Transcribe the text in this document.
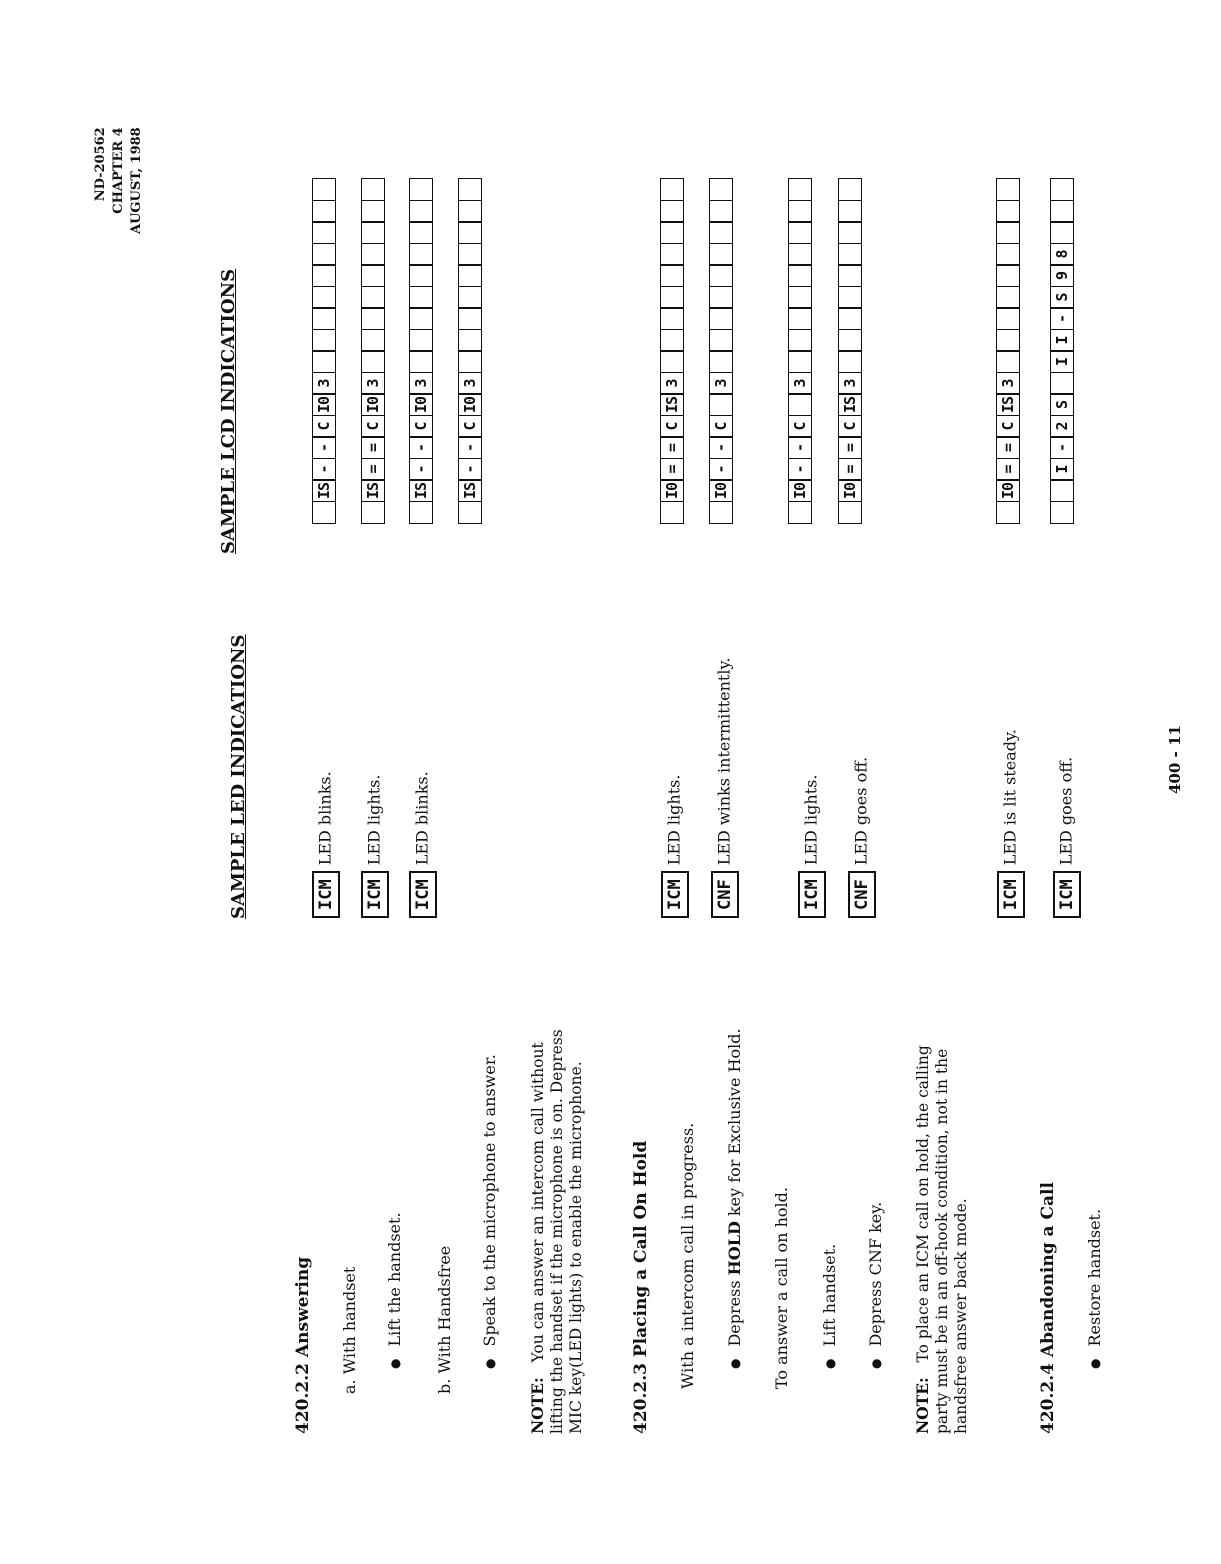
ND-20562 CHAPTER 4 AUGUST, 1988
SAMPLE LED INDICATIONS
SAMPLE LCD INDICATIONS
420.2.2 Answering a. With handset ● Lift the handset. b. With Handsfree ● Speak to the microphone to answer.
NOTE:   You can answer an intercom call without lifting the handset if the microphone is on. Depress MIC key(LED lights) to enable the microphone.	420.2.3 Placing a Call On Hold With a intercom call in progress. ● Depress HOLD key for Exclusive Hold.
To answer a call on hold. ● Lift handset. ● Depress CNF key.
NOTE:   To place an ICM call on hold, the calling party must be in an off-hook condition, not in the handsfree answer back mode.	420.2.4 Abandoning a Call ● Restore handset.
ICMLED blinks.
ICMLED lights.
ICMLED blinks.
ICMLED lights.
CNFLED winks intermittently.
ICMLED lights.
CNFLED goes off.
ICMLED is lit steady.
ICMLED goes off.
IS
-
-
C
I0
3
IS
=
=
C
I0
3
IS
-
-
C
I0
3
IS
-
-
C
I0
3
I0
=
=
C
IS
3
I0
-
-
C
3
I0
-
-
C
3
I0
=
=
C
IS
3
I0
=
=
C
IS
3
I
-
2
S
I
I
-
S
9
8
400 - 11
